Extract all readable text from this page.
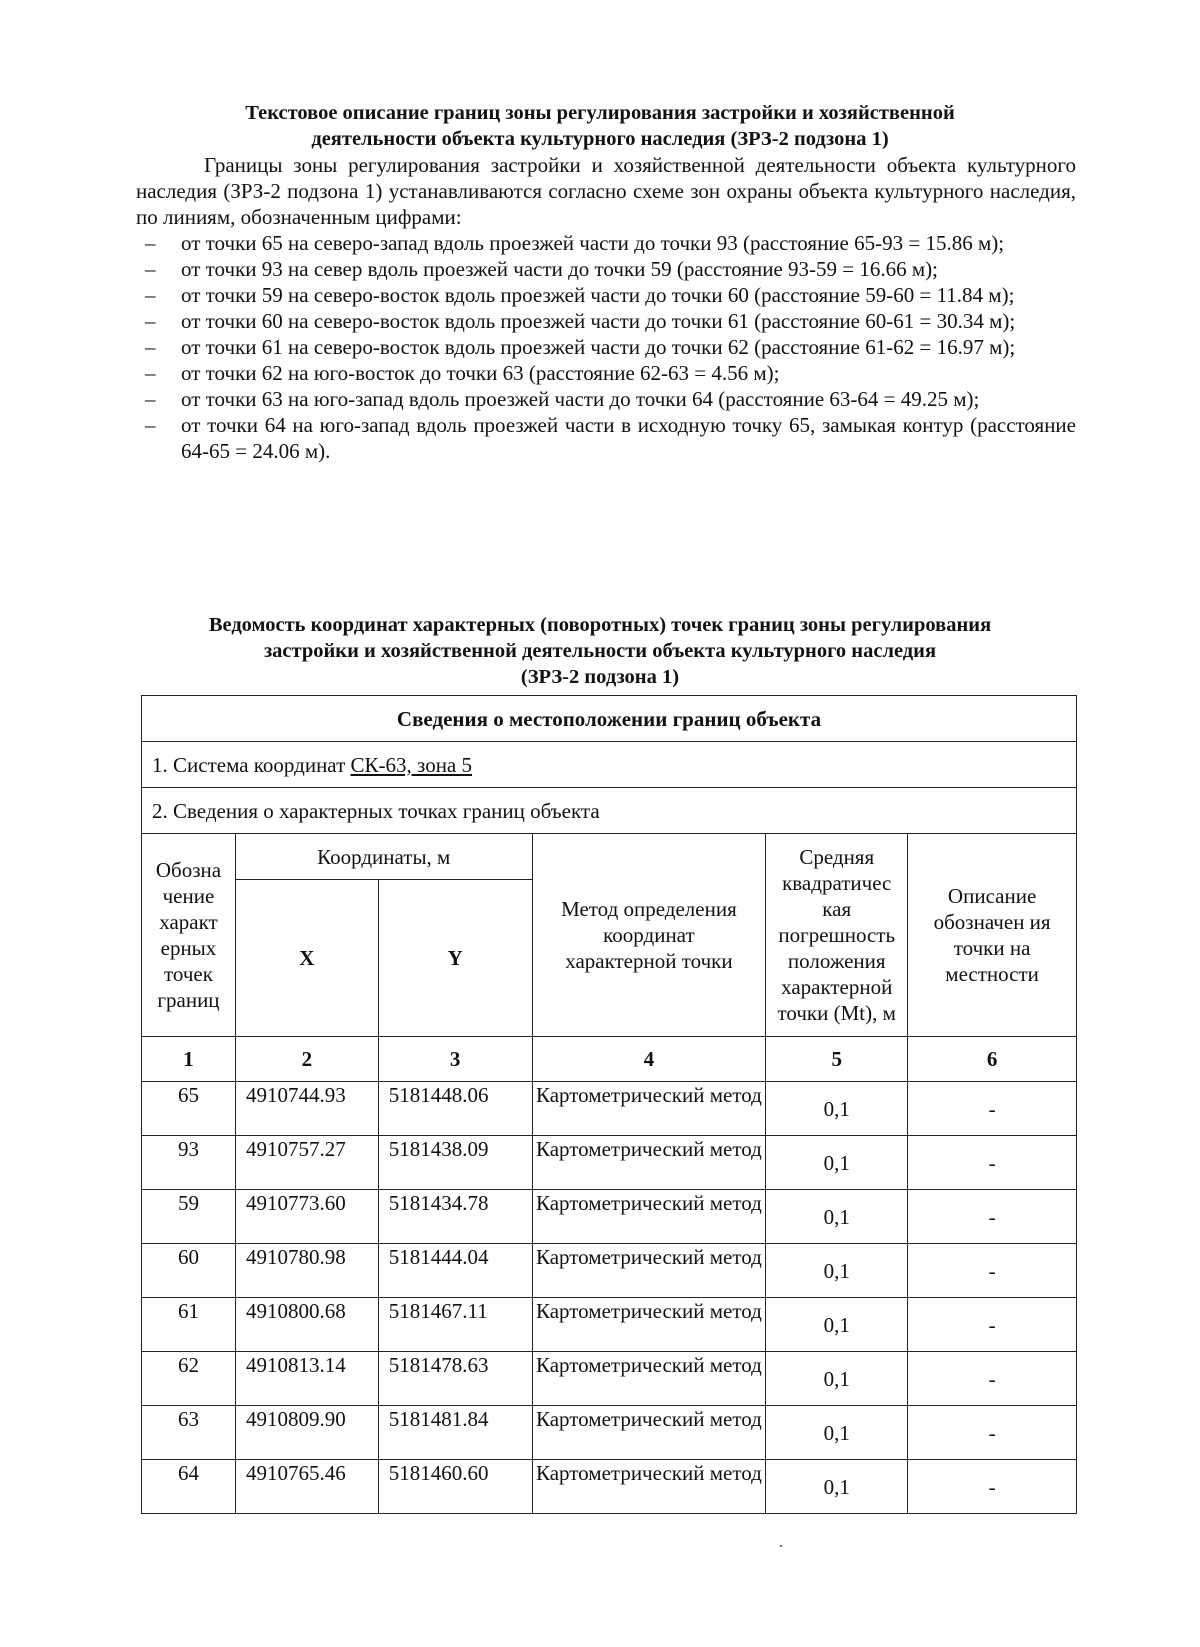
Текстовое описание границ зоны регулирования застройки и хозяйственной
деятельности объекта культурного наследия (ЗРЗ-2 подзона 1)
Границы зоны регулирования застройки и хозяйственной деятельности объекта культурного наследия (ЗРЗ-2 подзона 1) устанавливаются согласно схеме зон охраны объекта культурного наследия, по линиям, обозначенным цифрами:
– от точки 65 на северо-запад вдоль проезжей части до точки 93 (расстояние 65-93 = 15.86 м);
– от точки 93 на север вдоль проезжей части до точки 59 (расстояние 93-59 = 16.66 м);
– от точки 59 на северо-восток вдоль проезжей части до точки 60 (расстояние 59-60 = 11.84 м);
– от точки 60 на северо-восток вдоль проезжей части до точки 61 (расстояние 60-61 = 30.34 м);
– от точки 61 на северо-восток вдоль проезжей части до точки 62 (расстояние 61-62 = 16.97 м);
– от точки 62 на юго-восток до точки 63 (расстояние 62-63 = 4.56 м);
– от точки 63 на юго-запад вдоль проезжей части до точки 64 (расстояние 63-64 = 49.25 м);
– от точки 64 на юго-запад вдоль проезжей части в исходную точку 65, замыкая контур (расстояние 64-65 = 24.06 м).
Ведомость координат характерных (поворотных) точек границ зоны регулирования
застройки и хозяйственной деятельности объекта культурного наследия
(ЗРЗ-2 подзона 1)
Сведения о местоположении границ объекта					
1. Система координат СК-63, зона 5					
2. Сведения о характерных точках границ объекта					
Обозна чение характ ерных точек границ	Координаты, м		Метод определения координат характерной точки	Средняя квадратичес кая погрешность положения характерной точки (Mt), м	Описание обозначен ия точки на местности
	X	Y			
1	2	3	4	5	6
65	4910744.93	5181448.06	Картометрический метод	0,1	-
93	4910757.27	5181438.09	Картометрический метод	0,1	-
59	4910773.60	5181434.78	Картометрический метод	0,1	-
60	4910780.98	5181444.04	Картометрический метод	0,1	-
61	4910800.68	5181467.11	Картометрический метод	0,1	-
62	4910813.14	5181478.63	Картометрический метод	0,1	-
63	4910809.90	5181481.84	Картометрический метод	0,1	-
64	4910765.46	5181460.60	Картометрический метод	0,1	-
